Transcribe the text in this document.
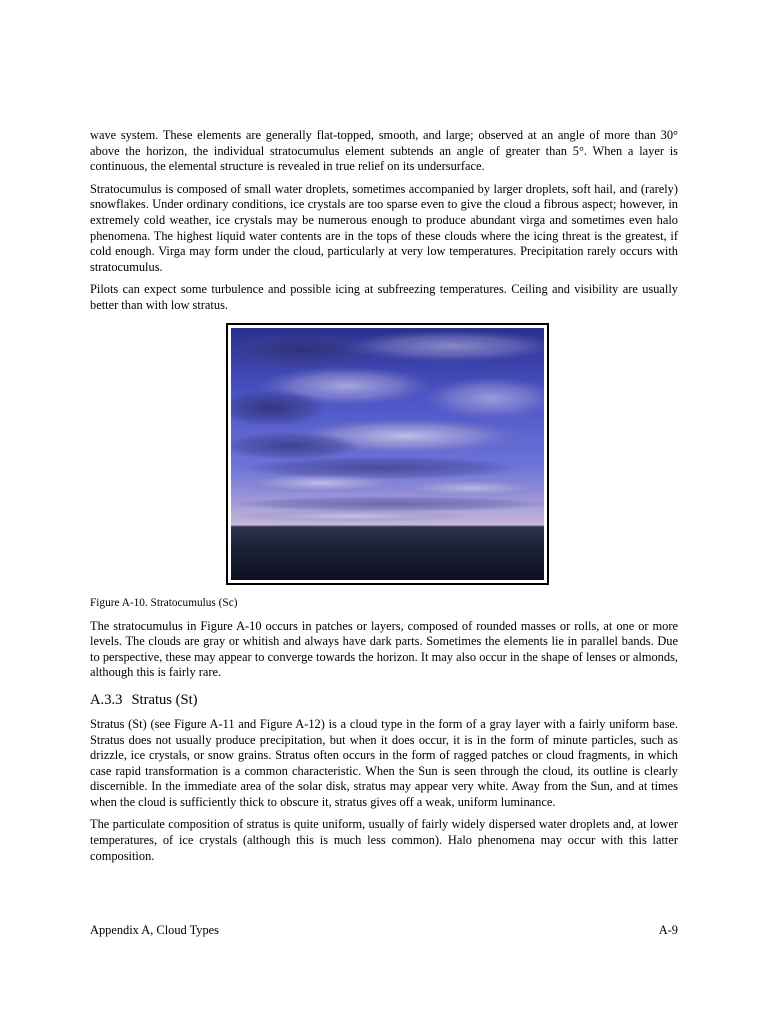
wave system. These elements are generally flat-topped, smooth, and large; observed at an angle of more than 30° above the horizon, the individual stratocumulus element subtends an angle of greater than 5°. When a layer is continuous, the elemental structure is revealed in true relief on its undersurface.

Stratocumulus is composed of small water droplets, sometimes accompanied by larger droplets, soft hail, and (rarely) snowflakes. Under ordinary conditions, ice crystals are too sparse even to give the cloud a fibrous aspect; however, in extremely cold weather, ice crystals may be numerous enough to produce abundant virga and sometimes even halo phenomena. The highest liquid water contents are in the tops of these clouds where the icing threat is the greatest, if cold enough. Virga may form under the cloud, particularly at very low temperatures. Precipitation rarely occurs with stratocumulus.

Pilots can expect some turbulence and possible icing at subfreezing temperatures. Ceiling and visibility are usually better than with low stratus.

Figure A-10. Stratocumulus (Sc)

The stratocumulus in Figure A-10 occurs in patches or layers, composed of rounded masses or rolls, at one or more levels. The clouds are gray or whitish and always have dark parts. Sometimes the elements lie in parallel bands. Due to perspective, these may appear to converge towards the horizon. It may also occur in the shape of lenses or almonds, although this is fairly rare.

A.3.3 Stratus (St)

Stratus (St) (see Figure A-11 and Figure A-12) is a cloud type in the form of a gray layer with a fairly uniform base. Stratus does not usually produce precipitation, but when it does occur, it is in the form of minute particles, such as drizzle, ice crystals, or snow grains. Stratus often occurs in the form of ragged patches or cloud fragments, in which case rapid transformation is a common characteristic. When the Sun is seen through the cloud, its outline is clearly discernible. In the immediate area of the solar disk, stratus may appear very white. Away from the Sun, and at times when the cloud is sufficiently thick to obscure it, stratus gives off a weak, uniform luminance.

The particulate composition of stratus is quite uniform, usually of fairly widely dispersed water droplets and, at lower temperatures, of ice crystals (although this is much less common). Halo phenomena may occur with this latter composition.

Appendix A, Cloud Types	A-9
